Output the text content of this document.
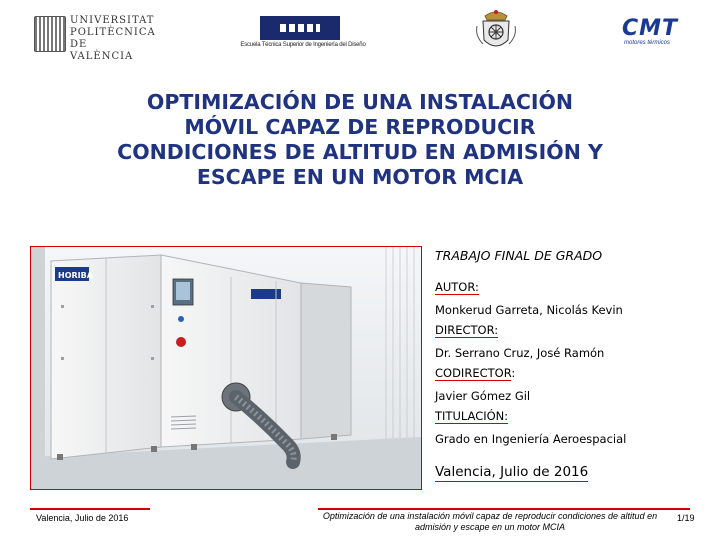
UNIVERSITAT
POLITÈCNICA
DE VALÈNCIA
Escuela Técnica Superior de Ingeniería del Diseño
CMT
motores térmicos
OPTIMIZACIÓN DE UNA INSTALACIÓN
MÓVIL CAPAZ DE REPRODUCIR
CONDICIONES DE ALTITUD EN ADMISIÓN Y
ESCAPE EN UN MOTOR MCIA
HORIBA
TRABAJO FINAL DE GRADO
AUTOR:
Monkerud Garreta, Nicolás Kevin
DIRECTOR:
Dr. Serrano Cruz, José Ramón
CODIRECTOR:
Javier Gómez Gil
TITULACIÓN:
Grado en Ingeniería Aeroespacial
Valencia, Julio de 2016
Valencia, Julio de 2016	Optimización de una instalación móvil capaz de reproducir condiciones de altitud en admisión y escape en un motor MCIA
1/19
